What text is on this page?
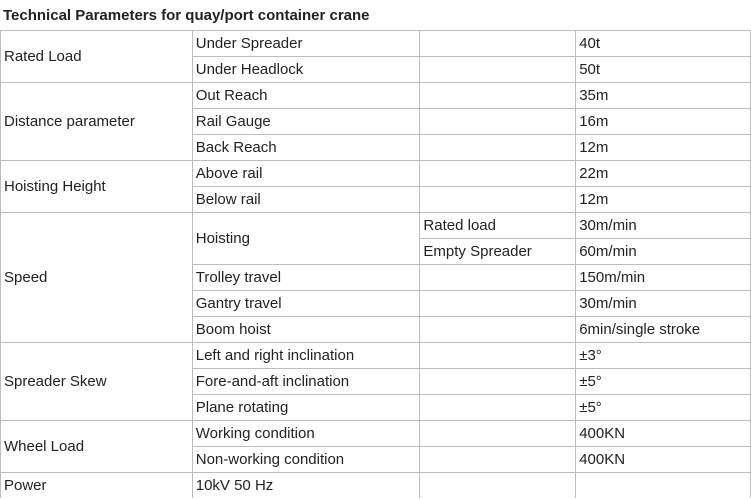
Technical Parameters for quay/port container crane
Rated Load	Under Spreader		40t
	Under Headlock		50t
Distance parameter	Out Reach		35m
	Rail Gauge		16m
	Back Reach		12m
Hoisting Height	Above rail		22m
	Below rail		12m
Speed	Hoisting	Rated load	30m/min
		Empty Spreader	60m/min
	Trolley travel		150m/min
	Gantry travel		30m/min
	Boom hoist		6min/single stroke
Spreader Skew	Left and right inclination		±3°
	Fore-and-aft inclination		±5°
	Plane rotating		±5°
Wheel Load	Working condition		400KN
	Non-working condition		400KN
Power	10kV 50 Hz		
